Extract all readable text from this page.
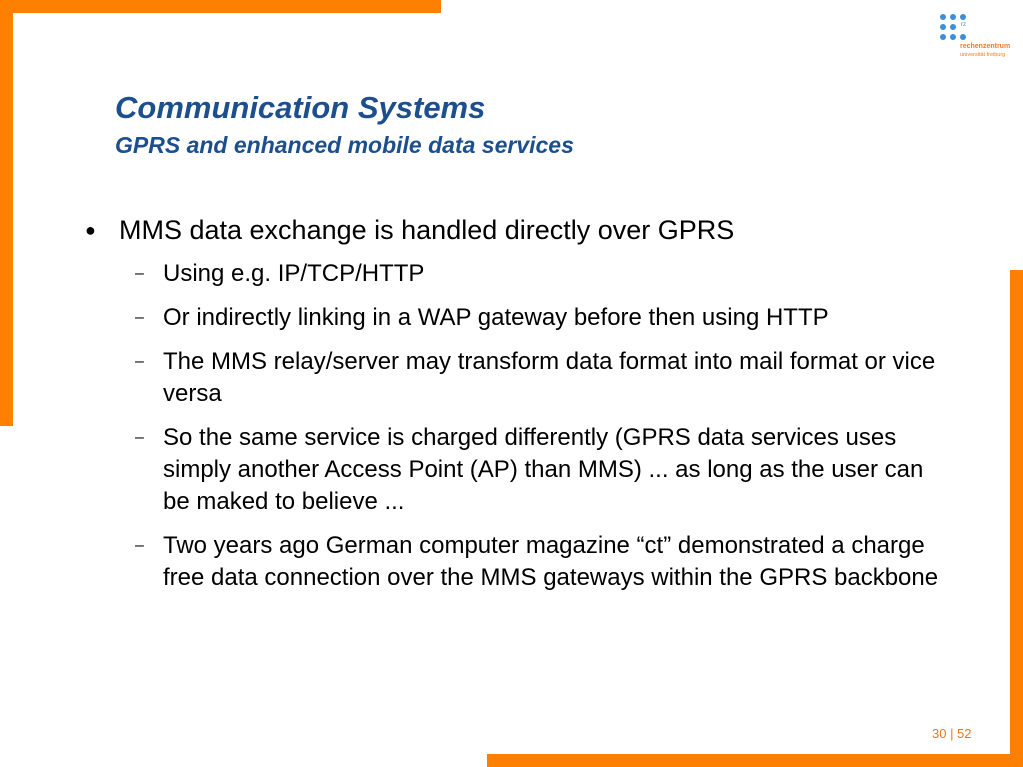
rz
rechenzentrum
universität freiburg
Communication Systems
GPRS and enhanced mobile data services
● MMS data exchange is handled directly over GPRS
– Using e.g. IP/TCP/HTTP
– Or indirectly linking in a WAP gateway before then using HTTP
– The MMS relay/server may transform data format into mail format or vice versa
– So the same service is charged differently (GPRS data services uses simply another Access Point (AP) than MMS) ... as long as the user can be maked to believe ...
– Two years ago German computer magazine “ct” demonstrated a charge free data connection over the MMS gateways within the GPRS backbone
30 | 52
